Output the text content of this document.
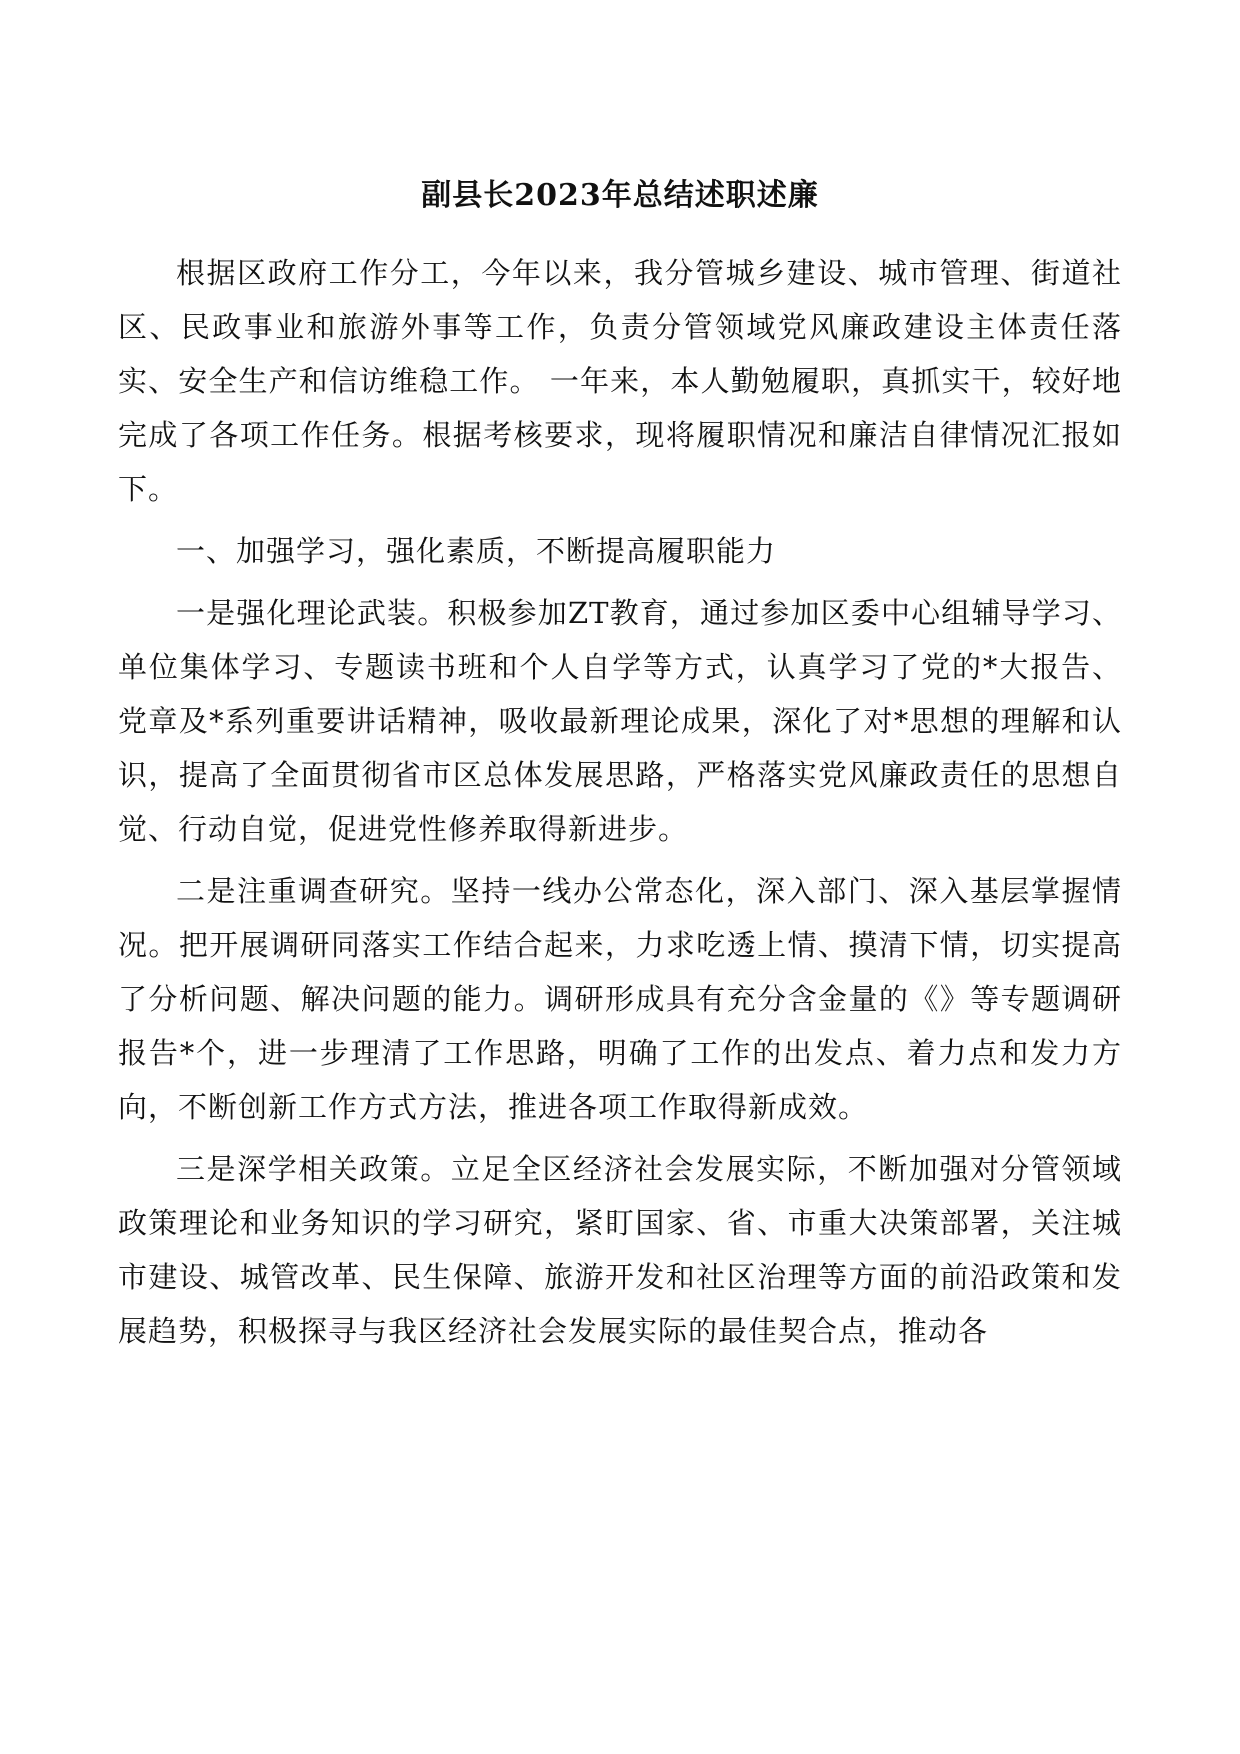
副县长2023年总结述职述廉

根据区政府工作分工，今年以来，我分管城乡建设、城市管理、街道社区、民政事业和旅游外事等工作，负责分管领域党风廉政建设主体责任落实、安全生产和信访维稳工作。 一年来，本人勤勉履职，真抓实干，较好地完成了各项工作任务。根据考核要求，现将履职情况和廉洁自律情况汇报如下。

一、加强学习，强化素质，不断提高履职能力

一是强化理论武装。积极参加ZT教育，通过参加区委中心组辅导学习、单位集体学习、专题读书班和个人自学等方式，认真学习了党的*大报告、党章及*系列重要讲话精神，吸收最新理论成果，深化了对*思想的理解和认识，提高了全面贯彻省市区总体发展思路，严格落实党风廉政责任的思想自觉、行动自觉，促进党性修养取得新进步。

二是注重调查研究。坚持一线办公常态化，深入部门、深入基层掌握情况。把开展调研同落实工作结合起来，力求吃透上情、摸清下情，切实提高了分析问题、解决问题的能力。调研形成具有充分含金量的《》等专题调研报告*个，进一步理清了工作思路，明确了工作的出发点、着力点和发力方向，不断创新工作方式方法，推进各项工作取得新成效。

三是深学相关政策。立足全区经济社会发展实际，不断加强对分管领域政策理论和业务知识的学习研究，紧盯国家、省、市重大决策部署，关注城市建设、城管改革、民生保障、旅游开发和社区治理等方面的前沿政策和发展趋势，积极探寻与我区经济社会发展实际的最佳契合点，推动各
